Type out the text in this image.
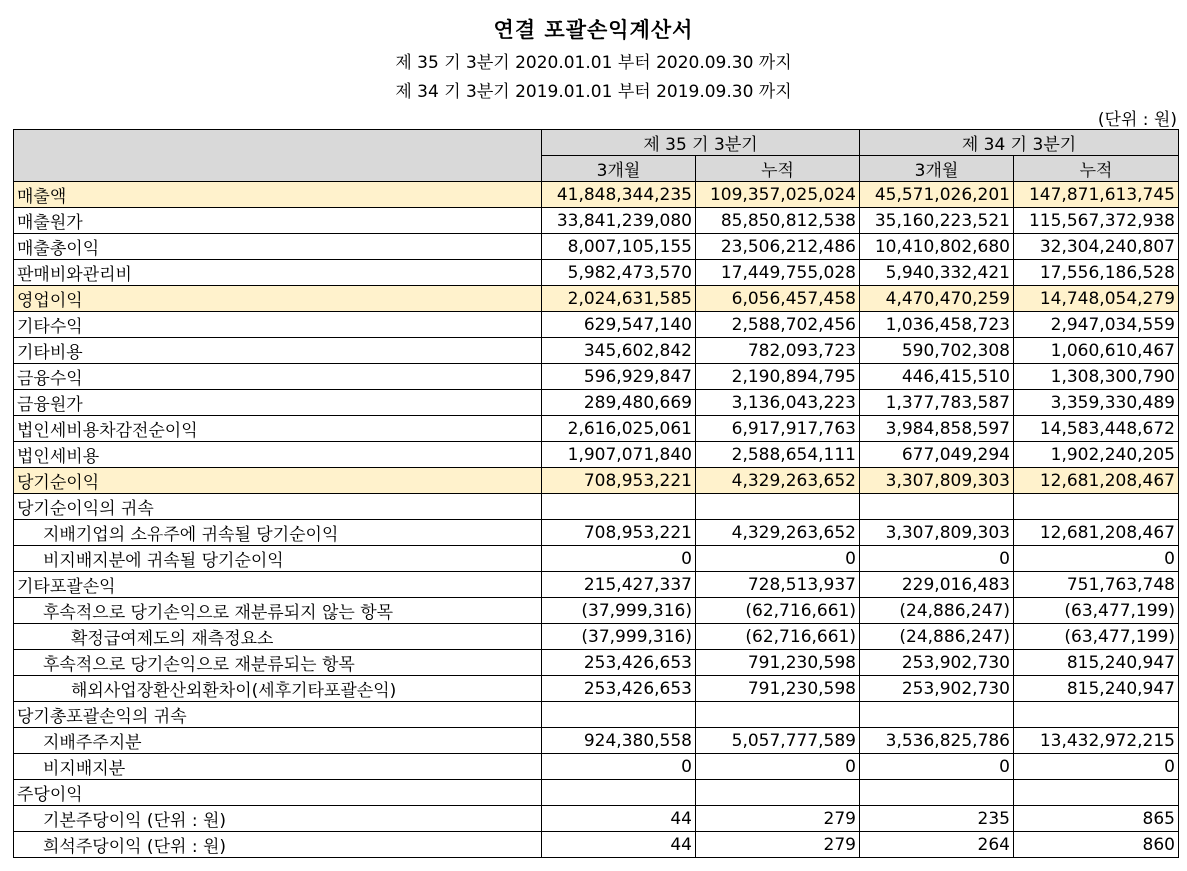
연결 포괄손익계산서
제 35 기 3분기 2020.01.01 부터 2020.09.30 까지
제 34 기 3분기 2019.01.01 부터 2019.09.30 까지
(단위 : 원)
	제 35 기 3분기		제 34 기 3분기	
	3개월	누적	3개월	누적
매출액	41,848,344,235	109,357,025,024	45,571,026,201	147,871,613,745
매출원가	33,841,239,080	85,850,812,538	35,160,223,521	115,567,372,938
매출총이익	8,007,105,155	23,506,212,486	10,410,802,680	32,304,240,807
판매비와관리비	5,982,473,570	17,449,755,028	5,940,332,421	17,556,186,528
영업이익	2,024,631,585	6,056,457,458	4,470,470,259	14,748,054,279
기타수익	629,547,140	2,588,702,456	1,036,458,723	2,947,034,559
기타비용	345,602,842	782,093,723	590,702,308	1,060,610,467
금융수익	596,929,847	2,190,894,795	446,415,510	1,308,300,790
금융원가	289,480,669	3,136,043,223	1,377,783,587	3,359,330,489
법인세비용차감전순이익	2,616,025,061	6,917,917,763	3,984,858,597	14,583,448,672
법인세비용	1,907,071,840	2,588,654,111	677,049,294	1,902,240,205
당기순이익	708,953,221	4,329,263,652	3,307,809,303	12,681,208,467
당기순이익의 귀속				
지배기업의 소유주에 귀속될 당기순이익	708,953,221	4,329,263,652	3,307,809,303	12,681,208,467
비지배지분에 귀속될 당기순이익	0	0	0	0
기타포괄손익	215,427,337	728,513,937	229,016,483	751,763,748
후속적으로 당기손익으로 재분류되지 않는 항목	(37,999,316)	(62,716,661)	(24,886,247)	(63,477,199)
확정급여제도의 재측정요소	(37,999,316)	(62,716,661)	(24,886,247)	(63,477,199)
후속적으로 당기손익으로 재분류되는 항목	253,426,653	791,230,598	253,902,730	815,240,947
해외사업장환산외환차이(세후기타포괄손익)	253,426,653	791,230,598	253,902,730	815,240,947
당기총포괄손익의 귀속				
지배주주지분	924,380,558	5,057,777,589	3,536,825,786	13,432,972,215
비지배지분	0	0	0	0
주당이익				
기본주당이익 (단위 : 원)	44	279	235	865
희석주당이익 (단위 : 원)	44	279	264	860
